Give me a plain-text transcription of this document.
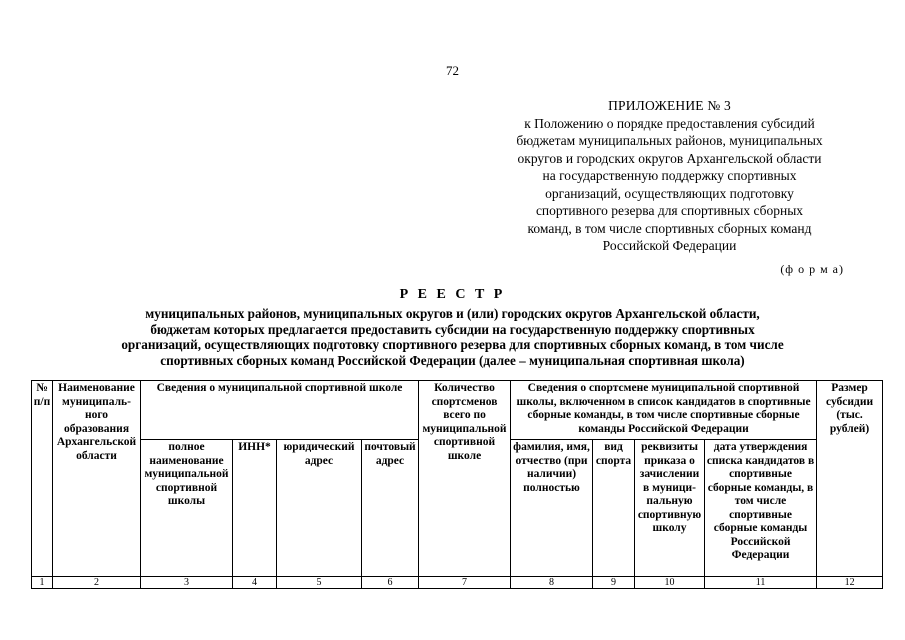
72
ПРИЛОЖЕНИЕ № 3
к Положению о порядке предоставления субсидий
бюджетам муниципальных районов, муниципальных
округов и городских округов Архангельской области
на государственную поддержку спортивных
организаций, осуществляющих подготовку
спортивного резерва для спортивных сборных
команд, в том числе спортивных сборных команд
Российской Федерации
(ф о р м а)
Р Е Е С Т Р
муниципальных районов, муниципальных округов и (или) городских округов Архангельской области,
бюджетам которых предлагается предоставить субсидии на государственную поддержку спортивных
организаций, осуществляющих подготовку спортивного резерва для спортивных сборных команд, в том числе
спортивных сборных команд Российской Федерации (далее – муниципальная спортивная школа)
№ п/п	Наименование муниципаль-ного образования Архангельской области	Сведения о муниципальной спортивной школе				Количество спортсменов всего по муниципальной спортивной школе	Сведения о спортсмене муниципальной спортивной школы, включенном в список кандидатов в спортивные сборные команды, в том числе спортивные сборные команды Российской Федерации				Размер субсидии (тыс. рублей)
		полное наименование муниципальной спортивной школы	ИНН*	юридический адрес	почтовый адрес		фамилия, имя, отчество (при наличии) полностью	вид спорта	реквизиты приказа о зачислении в муници-пальную спортивную школу	дата утверждения списка кандидатов в спортивные сборные команды, в том числе спортивные сборные команды Российской Федерации	
1	2	3	4	5	6	7	8	9	10	11	12
